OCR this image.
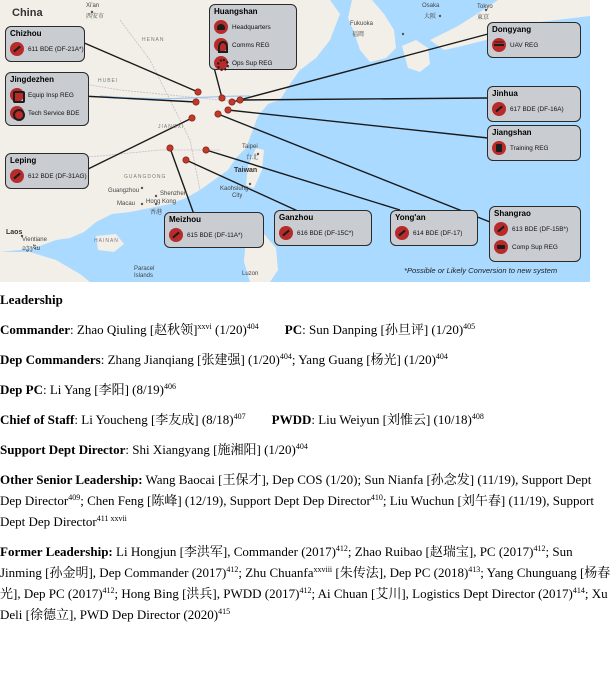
China
Xi'an
西安市
HENAN
HUBEI
JIANGXI
GUANGDONG
Guangzhou	Shenzhen
Macau Hong Kong
香港
HAINAN
Laos
Vientiane
ວຽງຈັນ
Paracel
Islands
Taipei
台北
Taiwan
Kaohsiung
City
Luzon
Fukuoka
福岡
Osaka
大阪
Tokyo
東京
Chizhou
611 BDE (DF-21A*)
Jingdezhen
Equip Insp REG
Tech Service BDE
Leping
612 BDE (DF-31AG)
Huangshan
Headquarters
Comms REG
Ops Sup REG
Dongyang
UAV REG
Jinhua
617 BDE (DF-16A)
Jiangshan
Training REG
Meizhou
615 BDE (DF-11A*)
Ganzhou
616 BDE (DF-15C*)
Yong'an
614 BDE (DF-17)
Shangrao
613 BDE (DF-15B*)
Comp Sup REG
*Possible or Likely Conversion to new system
Leadership
Commander: Zhao Qiuling [赵秋领]$^{xxvi}$ $(1/20)^{404}$ PC: Sun Danping [孙旦评] $(1/20)^{405}$
Dep Commanders: Zhang Jianqiang [张建强] $(1/20)^{404}$; Yang Guang [杨光] $(1/20)^{404}$
Dep PC: Li Yang [李阳] $(8/19)^{406}$
Chief of Staff: Li Youcheng [李友成] $(8/18)^{407}$ PWDD: Liu Weiyun [刘惟云] $(10/18)^{408}$
Support Dept Director: Shi Xiangyang [施湘阳] $(1/20)^{404}$
Other Senior Leadership: Wang Baocai [王保才], Dep COS (1/20); Sun Nianfa [孙念发] (11/19), Support Dept Dep Director$^{409}$; Chen Feng [陈峰] (12/19), Support Dept Dep Director$^{410}$; Liu Wuchun [刘午春] (11/19), Support Dept Dep Director$^{411 xxvii}$
Former Leadership: Li Hongjun [李洪军], Commander $(2017)^{412}$; Zhao Ruibao [赵瑞宝], PC $(2017)^{412}$; Sun Jinming [孙金明], Dep Commander $(2017)^{412}$; Zhu Chuanfa$^{xxviii}$ [朱传法], Dep PC $(2018)^{413}$; Yang Chunguang [杨春光], Dep PC $(2017)^{412}$; Hong Bing [洪兵], PWDD $(2017)^{412}$; Ai Chuan [艾川], Logistics Dept Director $(2017)^{414}$; Xu Deli [徐德立], PWD Dep Director $(2020)^{415}$
